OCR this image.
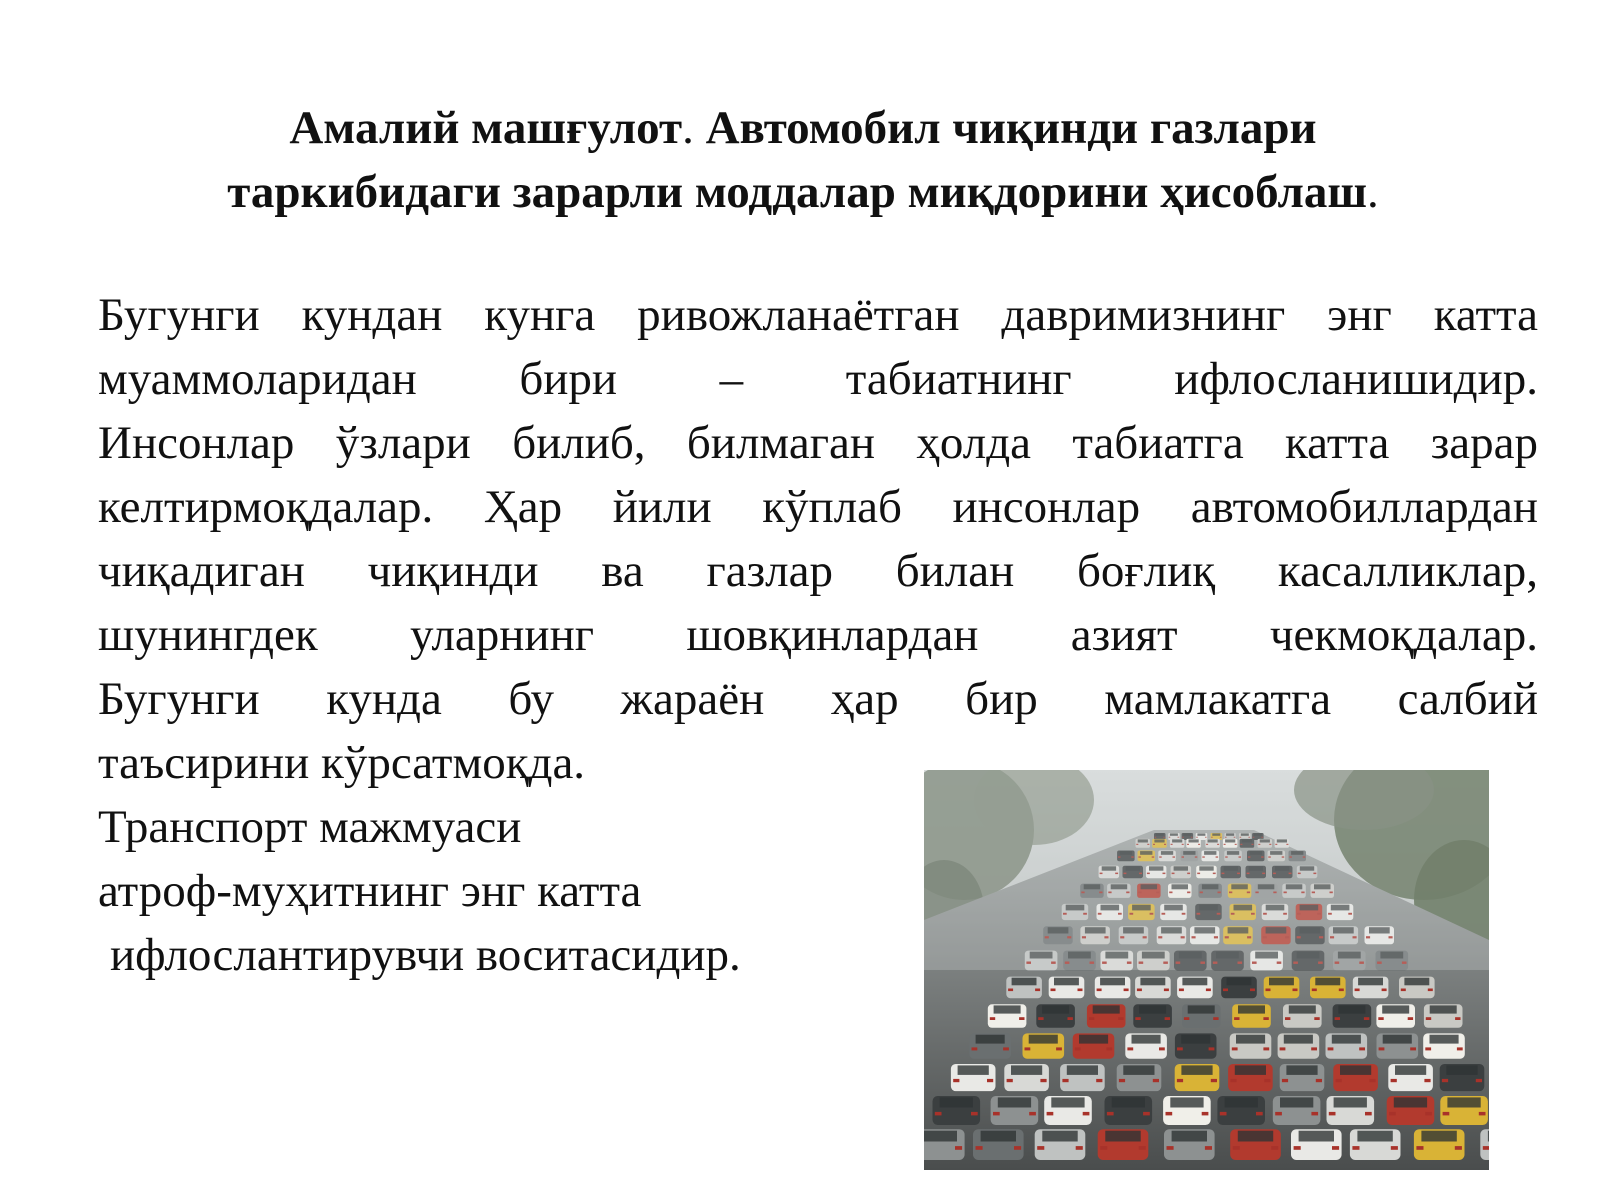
Амалий машғулот. Автомобил чиқинди газлари
таркибидаги зарарли моддалар миқдорини ҳисоблаш.
Бугунги кундан кунга ривожланаётган давримизнинг энг катта
муаммоларидан бири – табиатнинг ифлосланишидир.
Инсонлар ўзлари билиб, билмаган ҳолда табиатга катта зарар
келтирмоқдалар. Ҳар йили кўплаб инсонлар автомобиллардан
чиқадиган чиқинди ва газлар билан боғлиқ касалликлар,
шунингдек уларнинг шовқинлардан азият чекмоқдалар.
Бугунги кунда бу жараён ҳар бир мамлакатга салбий
таъсирини кўрсатмоқда.
Транспорт мажмуаси
атроф-муҳитнинг энг катта
ифлослантирувчи воситасидир.
